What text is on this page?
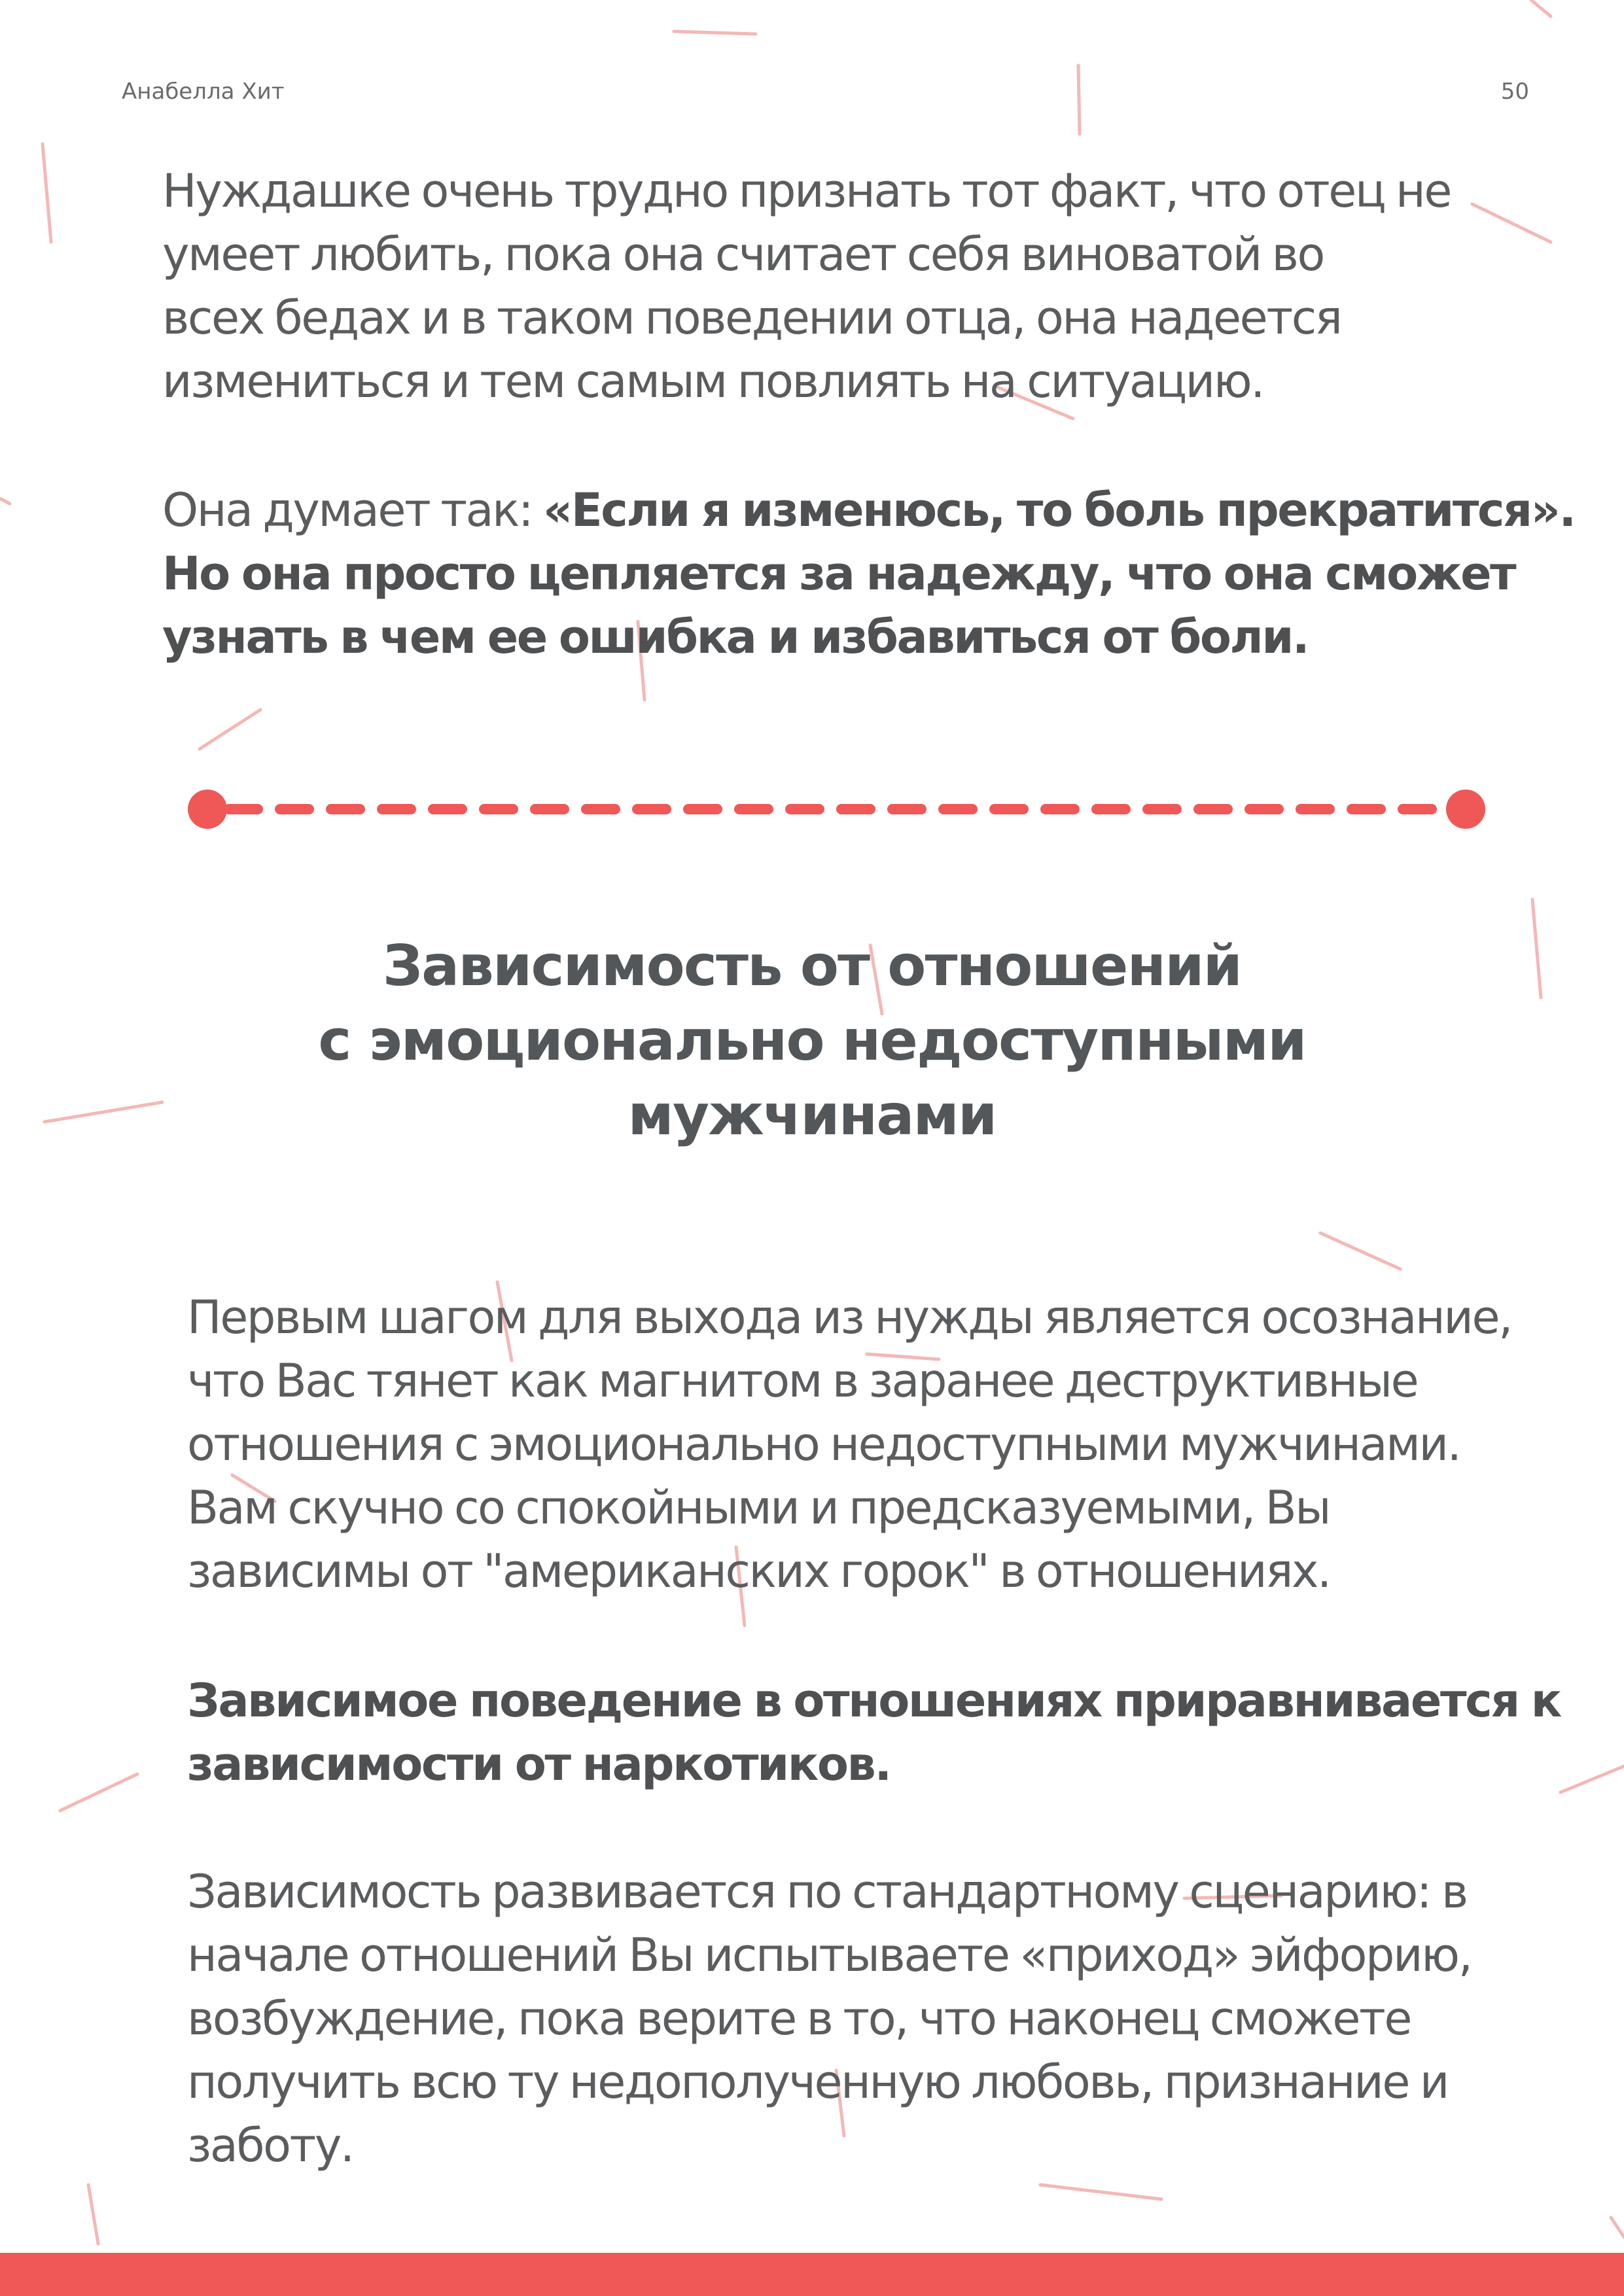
Анабелла Хит	50

Нуждашке очень трудно признать тот факт, что отец не
умеет любить, пока она считает себя виноватой во
всех бедах и в таком поведении отца, она надеется
измениться и тем самым повлиять на ситуацию.

Она думает так: «Если я изменюсь, то боль прекратится».
Но она просто цепляется за надежду, что она сможет
узнать в чем ее ошибка и избавиться от боли.

Зависимость от отношений
с эмоционально недоступными
мужчинами

Первым шагом для выхода из нужды является осознание,
что Вас тянет как магнитом в заранее деструктивные
отношения с эмоционально недоступными мужчинами.
Вам скучно со спокойными и предсказуемыми, Вы
зависимы от "американских горок" в отношениях.

Зависимое поведение в отношениях приравнивается к
зависимости от наркотиков.

Зависимость развивается по стандартному сценарию: в
начале отношений Вы испытываете «приход» эйфорию,
возбуждение, пока верите в то, что наконец сможете
получить всю ту недополученную любовь, признание и
заботу.
